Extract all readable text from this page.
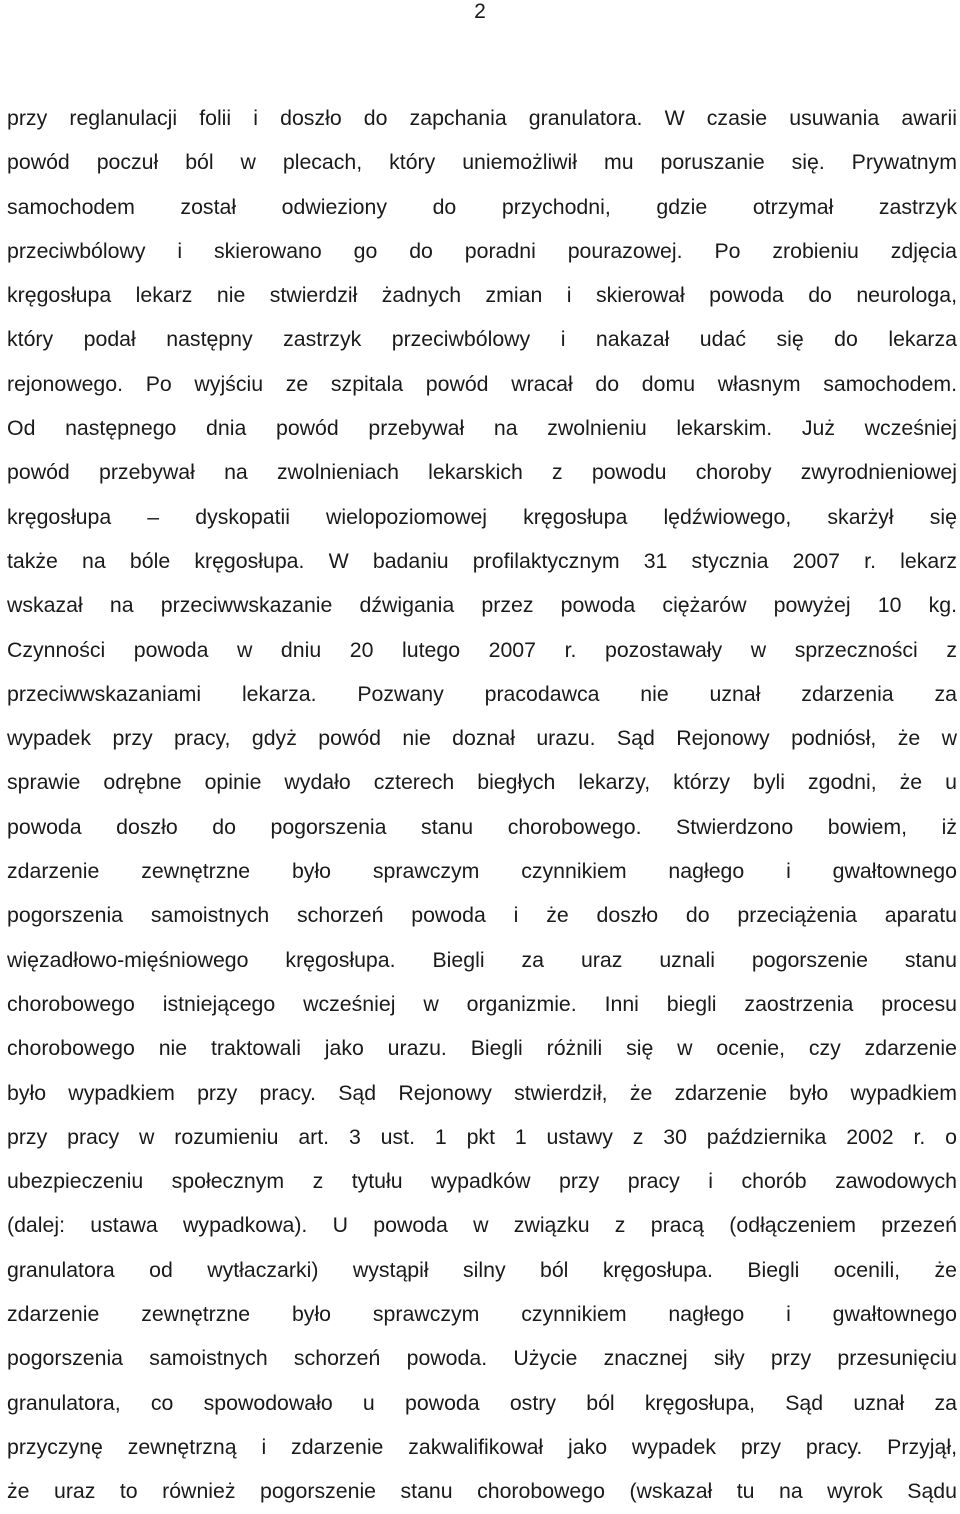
2
przy reglanulacji folii i doszło do zapchania granulatora. W czasie usuwania awarii
powód poczuł ból w plecach, który uniemożliwił mu poruszanie się. Prywatnym
samochodem został odwieziony do przychodni, gdzie otrzymał zastrzyk
przeciwbólowy i skierowano go do poradni pourazowej. Po zrobieniu zdjęcia
kręgosłupa lekarz nie stwierdził żadnych zmian i skierował powoda do neurologa,
który podał następny zastrzyk przeciwbólowy i nakazał udać się do lekarza
rejonowego. Po wyjściu ze szpitala powód wracał do domu własnym samochodem.
Od następnego dnia powód przebywał na zwolnieniu lekarskim. Już wcześniej
powód przebywał na zwolnieniach lekarskich z powodu choroby zwyrodnieniowej
kręgosłupa – dyskopatii wielopoziomowej kręgosłupa lędźwiowego, skarżył się
także na bóle kręgosłupa. W badaniu profilaktycznym 31 stycznia 2007 r. lekarz
wskazał na przeciwwskazanie dźwigania przez powoda ciężarów powyżej 10 kg.
Czynności powoda w dniu 20 lutego 2007 r. pozostawały w sprzeczności z
przeciwwskazaniami lekarza. Pozwany pracodawca nie uznał zdarzenia za
wypadek przy pracy, gdyż powód nie doznał urazu. Sąd Rejonowy podniósł, że w
sprawie odrębne opinie wydało czterech biegłych lekarzy, którzy byli zgodni, że u
powoda doszło do pogorszenia stanu chorobowego. Stwierdzono bowiem, iż
zdarzenie zewnętrzne było sprawczym czynnikiem nagłego i gwałtownego
pogorszenia samoistnych schorzeń powoda i że doszło do przeciążenia aparatu
więzadłowo-mięśniowego kręgosłupa. Biegli za uraz uznali pogorszenie stanu
chorobowego istniejącego wcześniej w organizmie. Inni biegli zaostrzenia procesu
chorobowego nie traktowali jako urazu. Biegli różnili się w ocenie, czy zdarzenie
było wypadkiem przy pracy. Sąd Rejonowy stwierdził, że zdarzenie było wypadkiem
przy pracy w rozumieniu art. 3 ust. 1 pkt 1 ustawy z 30 października 2002 r. o
ubezpieczeniu społecznym z tytułu wypadków przy pracy i chorób zawodowych
(dalej: ustawa wypadkowa). U powoda w związku z pracą (odłączeniem przezeń
granulatora od wytłaczarki) wystąpił silny ból kręgosłupa. Biegli ocenili, że
zdarzenie zewnętrzne było sprawczym czynnikiem nagłego i gwałtownego
pogorszenia samoistnych schorzeń powoda. Użycie znacznej siły przy przesunięciu
granulatora, co spowodowało u powoda ostry ból kręgosłupa, Sąd uznał za
przyczynę zewnętrzną i zdarzenie zakwalifikował jako wypadek przy pracy. Przyjął,
że uraz to również pogorszenie stanu chorobowego (wskazał tu na wyrok Sądu
